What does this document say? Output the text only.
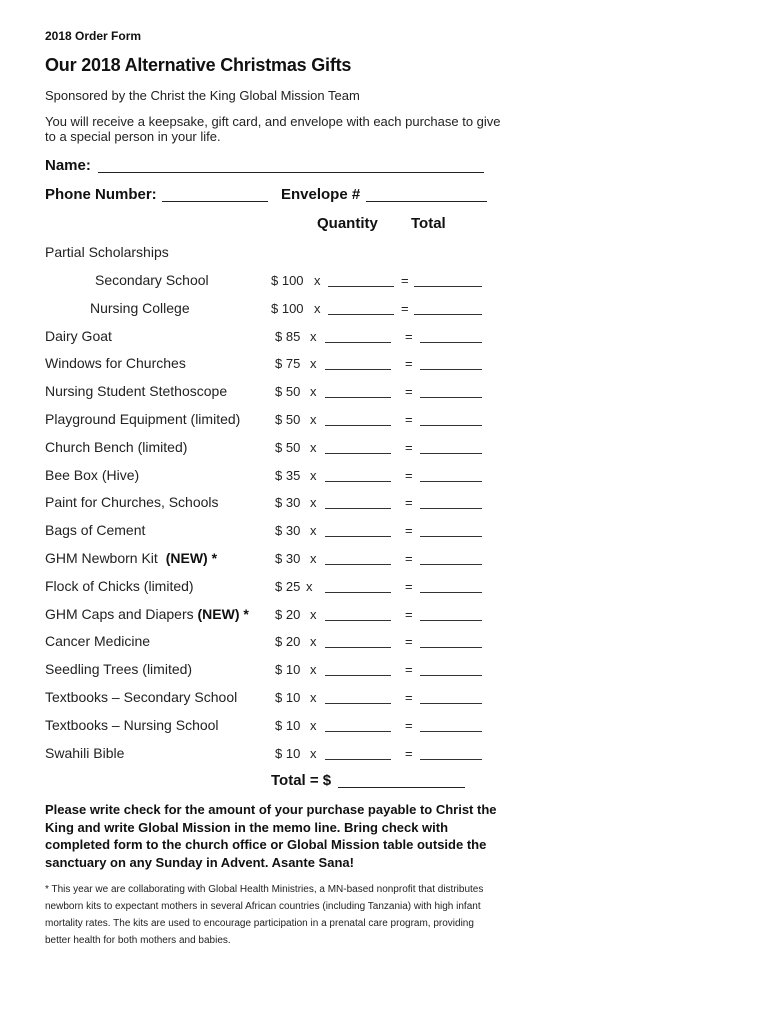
2018 Order Form
Our 2018 Alternative Christmas Gifts
Sponsored by the Christ the King Global Mission Team
You will receive a keepsake, gift card, and envelope with each purchase to give to a special person in your life.
Name:
Phone Number:	Envelope #
Quantity Total
Partial Scholarships
Secondary School	$ 100 x	=
Nursing College	$ 100 x	=
Dairy Goat	$ 85 x	=
Windows for Churches	$ 75 x	=
Nursing Student Stethoscope	$ 50 x	=
Playground Equipment (limited)	$ 50 x	=
Church Bench (limited)	$ 50 x	=
Bee Box (Hive)	$ 35 x	=
Paint for Churches, Schools	$ 30 x	=
Bags of Cement	$ 30 x	=
GHM Newborn Kit (NEW) *	$ 30 x	=
Flock of Chicks (limited)	$ 25 x	=
GHM Caps and Diapers (NEW) * $ 20 x	=
Cancer Medicine	$ 20 x	=
Seedling Trees (limited)	$ 10 x	=
Textbooks – Secondary School	$ 10 x	=
Textbooks – Nursing School	$ 10 x	=
Swahili Bible	$ 10 x	=
Total = $
Please write check for the amount of your purchase payable to Christ the King and write Global Mission in the memo line. Bring check with completed form to the church office or Global Mission table outside the sanctuary on any Sunday in Advent. Asante Sana!
* This year we are collaborating with Global Health Ministries, a MN-based nonprofit that distributes newborn kits to expectant mothers in several African countries (including Tanzania) with high infant mortality rates. The kits are used to encourage participation in a prenatal care program, providing better health for both mothers and babies.
